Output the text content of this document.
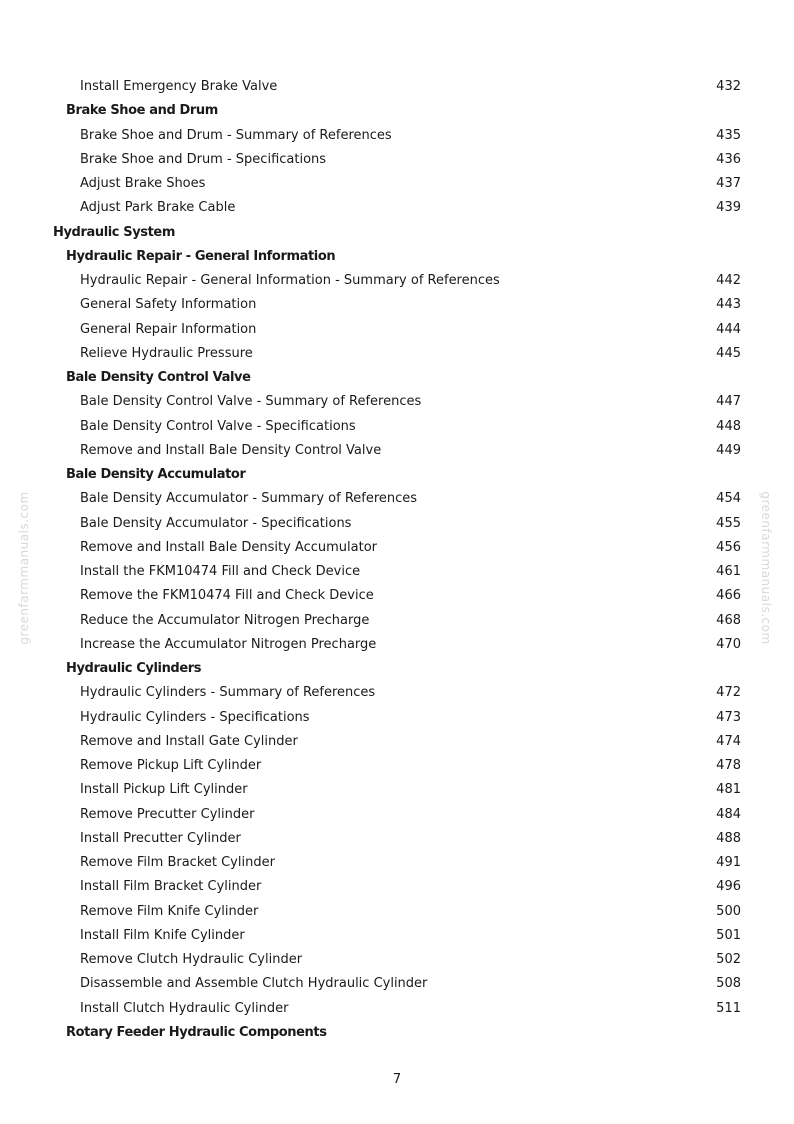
Install Emergency Brake Valve	432
Brake Shoe and Drum
Brake Shoe and Drum - Summary of References	435
Brake Shoe and Drum - Specifications	436
Adjust Brake Shoes	437
Adjust Park Brake Cable	439
Hydraulic System
Hydraulic Repair - General Information
Hydraulic Repair - General Information - Summary of References	442
General Safety Information	443
General Repair Information	444
Relieve Hydraulic Pressure	445
Bale Density Control Valve
Bale Density Control Valve - Summary of References	447
Bale Density Control Valve - Specifications	448
Remove and Install Bale Density Control Valve	449
Bale Density Accumulator
Bale Density Accumulator - Summary of References	454
Bale Density Accumulator - Specifications	455
Remove and Install Bale Density Accumulator	456
Install the FKM10474 Fill and Check Device	461
Remove the FKM10474 Fill and Check Device	466
Reduce the Accumulator Nitrogen Precharge	468
Increase the Accumulator Nitrogen Precharge	470
Hydraulic Cylinders
Hydraulic Cylinders - Summary of References	472
Hydraulic Cylinders - Specifications	473
Remove and Install Gate Cylinder	474
Remove Pickup Lift Cylinder	478
Install Pickup Lift Cylinder	481
Remove Precutter Cylinder	484
Install Precutter Cylinder	488
Remove Film Bracket Cylinder	491
Install Film Bracket Cylinder	496
Remove Film Knife Cylinder	500
Install Film Knife Cylinder	501
Remove Clutch Hydraulic Cylinder	502
Disassemble and Assemble Clutch Hydraulic Cylinder	508
Install Clutch Hydraulic Cylinder	511
Rotary Feeder Hydraulic Components
7
greenfarmmanuals.com	greenfarmmanuals.com
